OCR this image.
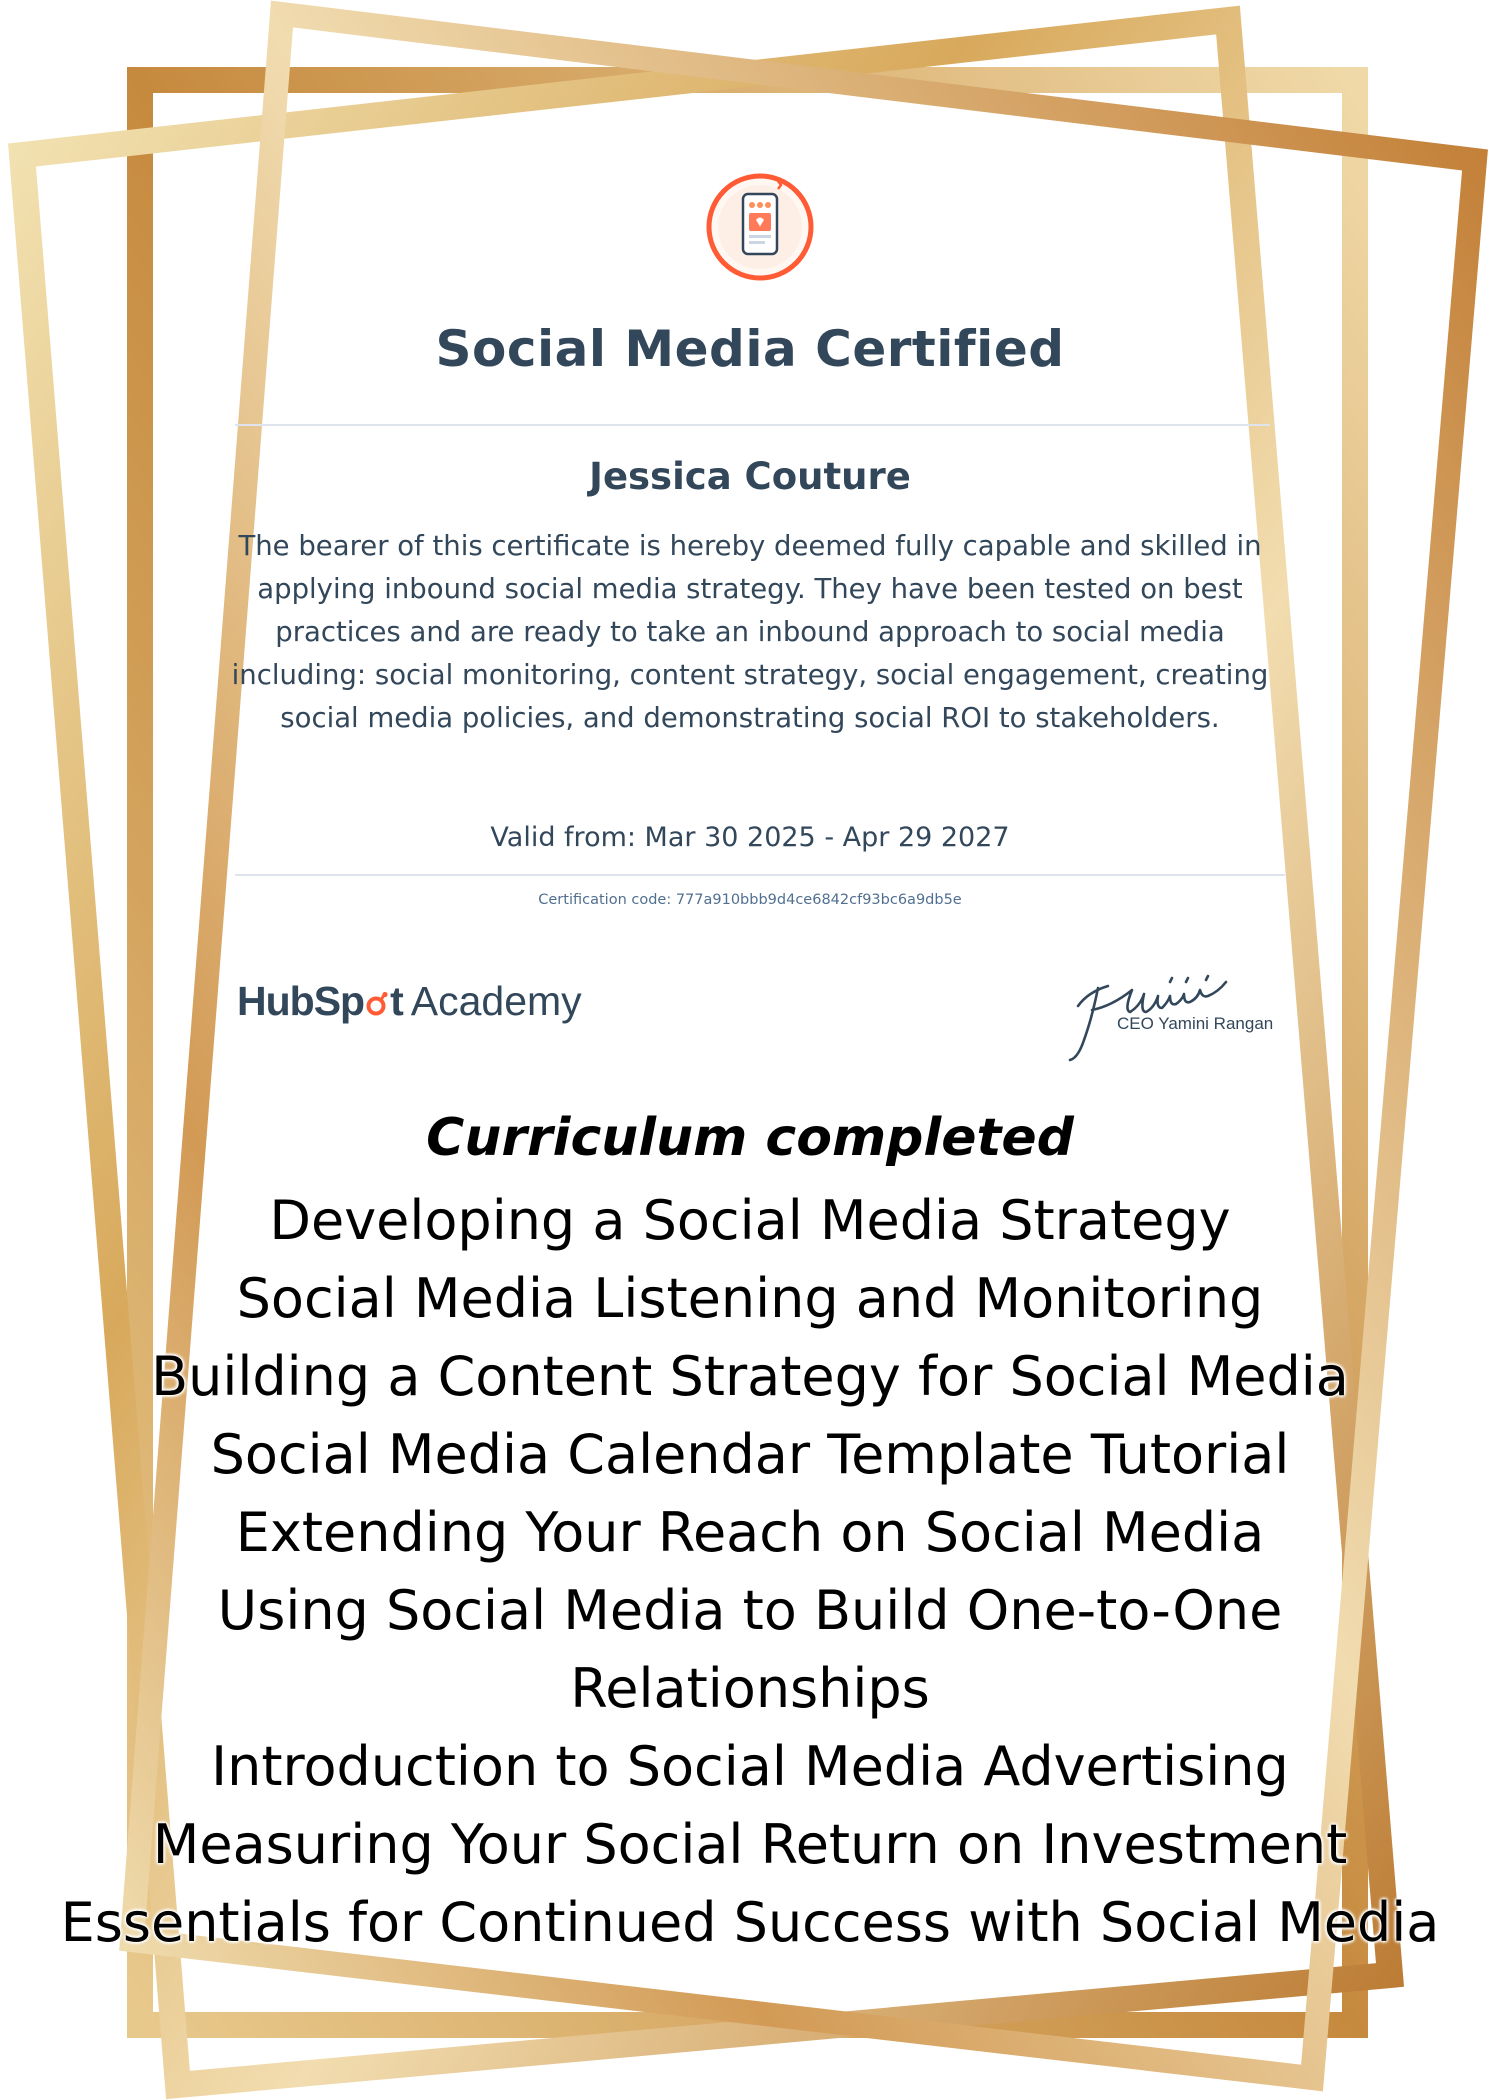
Social Media Certified
Jessica Couture
The bearer of this certificate is hereby deemed fully capable and skilled in applying inbound social media strategy. They have been tested on best practices and are ready to take an inbound approach to social media including: social monitoring, content strategy, social engagement, creating social media policies, and demonstrating social ROI to stakeholders.
Valid from: Mar 30 2025 - Apr 29 2027
Certification code: 777a910bbb9d4ce6842cf93bc6a9db5e
HubSp t Academy	CEO Yamini Rangan
Curriculum completed
Developing a Social Media Strategy
Social Media Listening and Monitoring
Building a Content Strategy for Social Media
Social Media Calendar Template Tutorial
Extending Your Reach on Social Media
Using Social Media to Build One-to-One
Relationships
Introduction to Social Media Advertising
Measuring Your Social Return on Investment
Essentials for Continued Success with Social Media
